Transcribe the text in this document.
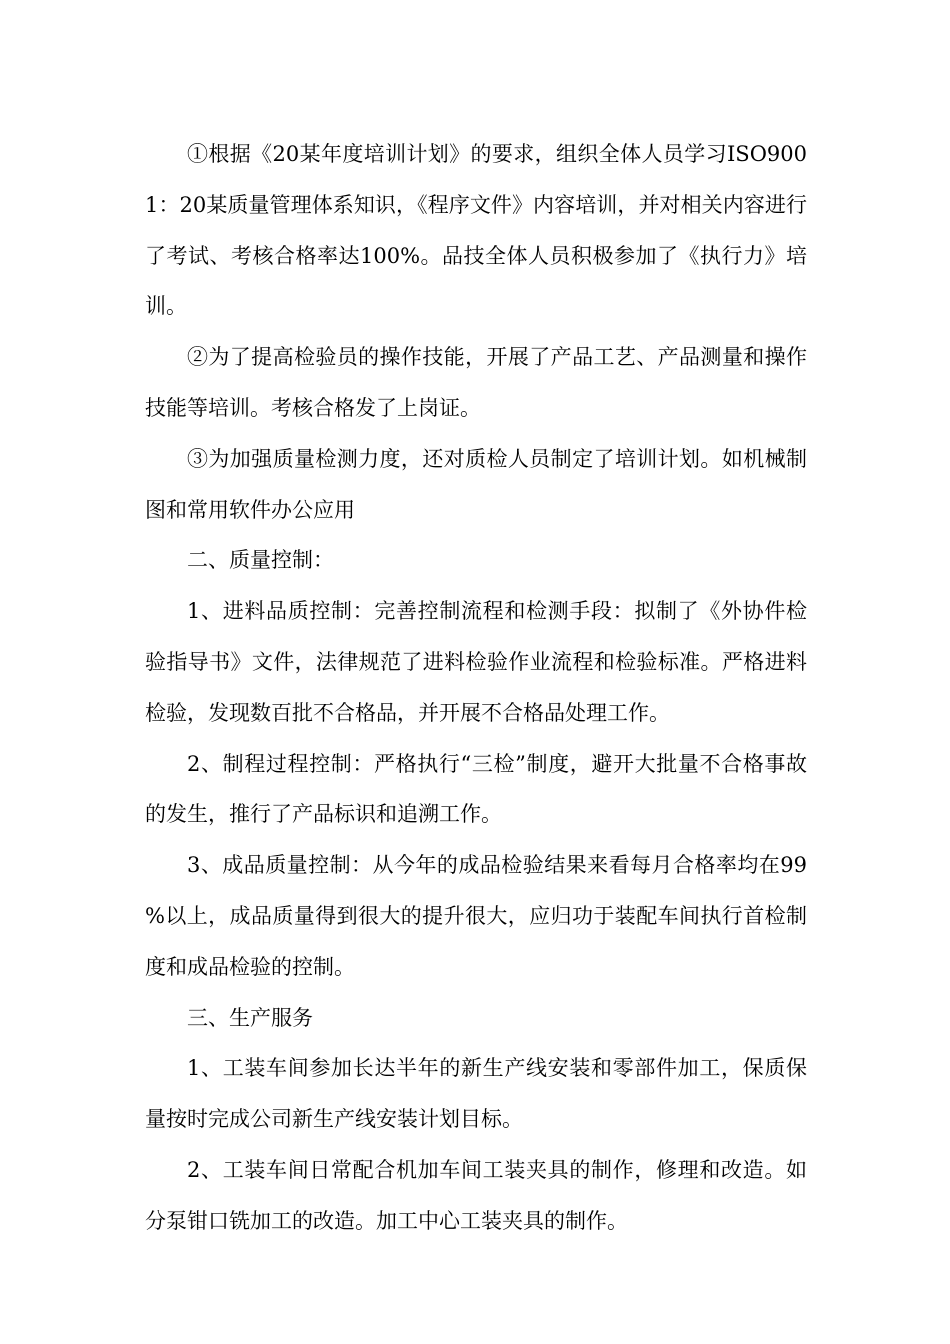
①根据《20某年度培训计划》的要求，组织全体人员学习ISO9001：20某质量管理体系知识，《程序文件》内容培训，并对相关内容进行了考试、考核合格率达100%。品技全体人员积极参加了《执行力》培训。

②为了提高检验员的操作技能，开展了产品工艺、产品测量和操作技能等培训。考核合格发了上岗证。

③为加强质量检测力度，还对质检人员制定了培训计划。如机械制图和常用软件办公应用

二、质量控制：

1、进料品质控制：完善控制流程和检测手段：拟制了《外协件检验指导书》文件，法律规范了进料检验作业流程和检验标准。严格进料检验，发现数百批不合格品，并开展不合格品处理工作。

2、制程过程控制：严格执行“三检”制度，避开大批量不合格事故的发生，推行了产品标识和追溯工作。

3、成品质量控制：从今年的成品检验结果来看每月合格率均在99%以上，成品质量得到很大的提升很大，应归功于装配车间执行首检制度和成品检验的控制。

三、生产服务

1、工装车间参加长达半年的新生产线安装和零部件加工，保质保量按时完成公司新生产线安装计划目标。

2、工装车间日常配合机加车间工装夹具的制作，修理和改造。如分泵钳口铣加工的改造。加工中心工装夹具的制作。
